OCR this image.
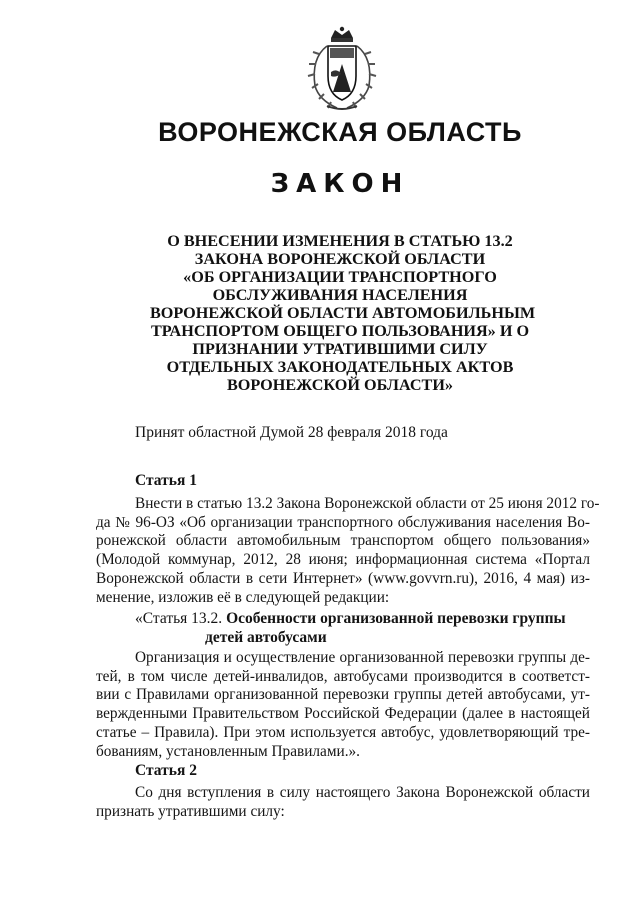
ВОРОНЕЖСКАЯ ОБЛАСТЬ
ЗАКОН
О ВНЕСЕНИИ ИЗМЕНЕНИЯ В СТАТЬЮ 13.2
ЗАКОНА ВОРОНЕЖСКОЙ ОБЛАСТИ
«ОБ ОРГАНИЗАЦИИ ТРАНСПОРТНОГО
ОБСЛУЖИВАНИЯ НАСЕЛЕНИЯ
ВОРОНЕЖСКОЙ ОБЛАСТИ АВТОМОБИЛЬНЫМ
ТРАНСПОРТОМ ОБЩЕГО ПОЛЬЗОВАНИЯ» И О
ПРИЗНАНИИ УТРАТИВШИМИ СИЛУ
ОТДЕЛЬНЫХ ЗАКОНОДАТЕЛЬНЫХ АКТОВ
ВОРОНЕЖСКОЙ ОБЛАСТИ»
Принят областной Думой 28 февраля 2018 года
Статья 1
Внести в статью 13.2 Закона Воронежской области от 25 июня 2012 го-
да № 96-ОЗ «Об организации транспортного обслуживания населения Во-
ронежской области автомобильным транспортом общего пользования»
(Молодой коммунар, 2012, 28 июня; информационная система «Портал
Воронежской области в сети Интернет» (www.govvrn.ru), 2016, 4 мая) из-
менение, изложив её в следующей редакции:
«Статья 13.2. Особенности организованной перевозки группы
детей автобусами
Организация и осуществление организованной перевозки группы де-
тей, в том числе детей-инвалидов, автобусами производится в соответст-
вии с Правилами организованной перевозки группы детей автобусами, ут-
вержденными Правительством Российской Федерации (далее в настоящей
статье – Правила). При этом используется автобус, удовлетворяющий тре-
бованиям, установленным Правилами.».
Статья 2
Со дня вступления в силу настоящего Закона Воронежской области
признать утратившими силу:
